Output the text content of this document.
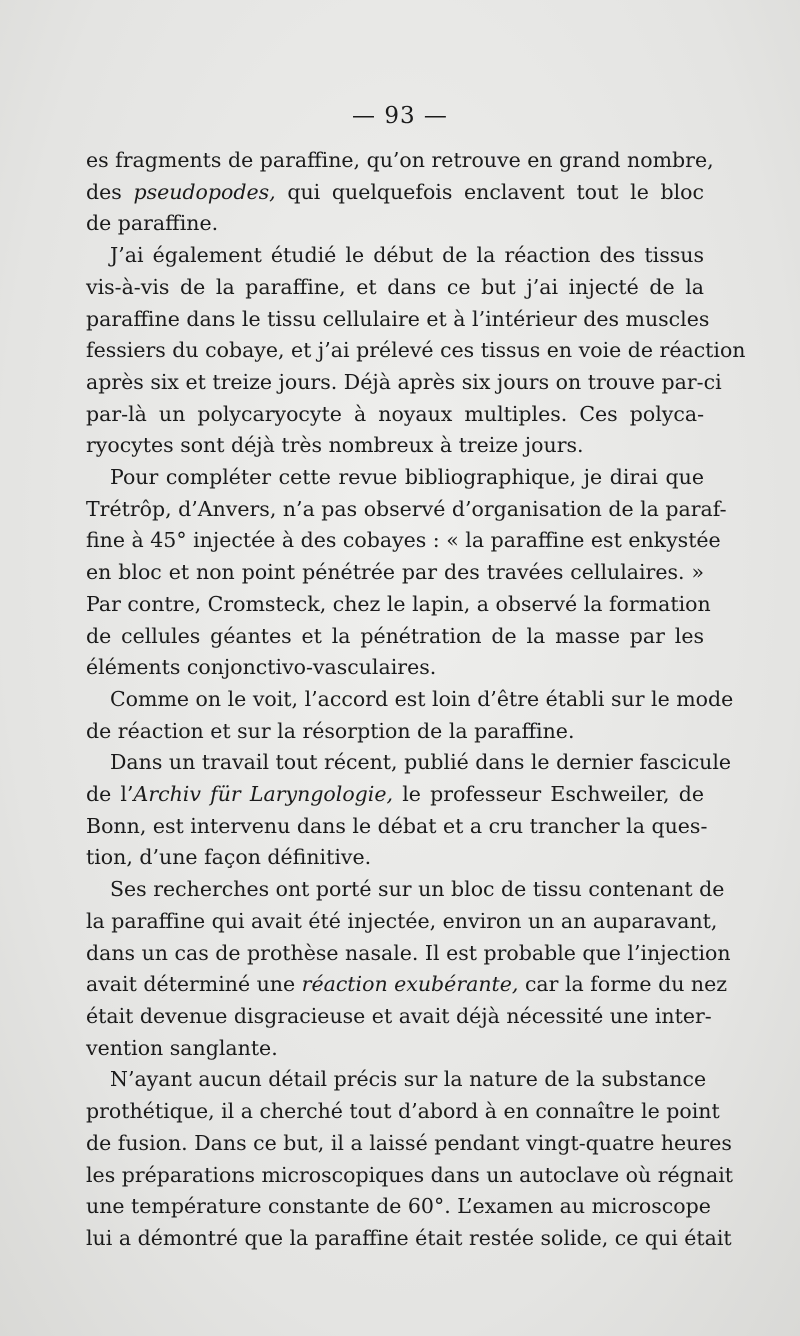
— 93 —
es fragments de paraffine, qu’on retrouve en grand nombre,
des pseudopodes, qui quelquefois enclavent tout le bloc
de paraffine.
J’ai également étudié le début de la réaction des tissus
vis-à-vis de la paraffine, et dans ce but j’ai injecté de la
paraffine dans le tissu cellulaire et à l’intérieur des muscles
fessiers du cobaye, et j’ai prélevé ces tissus en voie de réaction
après six et treize jours. Déjà après six jours on trouve par-ci
par-là un polycaryocyte à noyaux multiples. Ces polyca-
ryocytes sont déjà très nombreux à treize jours.
Pour compléter cette revue bibliographique, je dirai que
Trétrôp, d’Anvers, n’a pas observé d’organisation de la paraf-
fine à 45° injectée à des cobayes : « la paraffine est enkystée
en bloc et non point pénétrée par des travées cellulaires. »
Par contre, Cromsteck, chez le lapin, a observé la formation
de cellules géantes et la pénétration de la masse par les
éléments conjonctivo-vasculaires.
Comme on le voit, l’accord est loin d’être établi sur le mode
de réaction et sur la résorption de la paraffine.
Dans un travail tout récent, publié dans le dernier fascicule
de l’Archiv für Laryngologie, le professeur Eschweiler, de
Bonn, est intervenu dans le débat et a cru trancher la ques-
tion, d’une façon définitive.
Ses recherches ont porté sur un bloc de tissu contenant de
la paraffine qui avait été injectée, environ un an auparavant,
dans un cas de prothèse nasale. Il est probable que l’injection
avait déterminé une réaction exubérante, car la forme du nez
était devenue disgracieuse et avait déjà nécessité une inter-
vention sanglante.
N’ayant aucun détail précis sur la nature de la substance
prothétique, il a cherché tout d’abord à en connaître le point
de fusion. Dans ce but, il a laissé pendant vingt-quatre heures
les préparations microscopiques dans un autoclave où régnait
une température constante de 60°. L’examen au microscope
lui a démontré que la paraffine était restée solide, ce qui était
